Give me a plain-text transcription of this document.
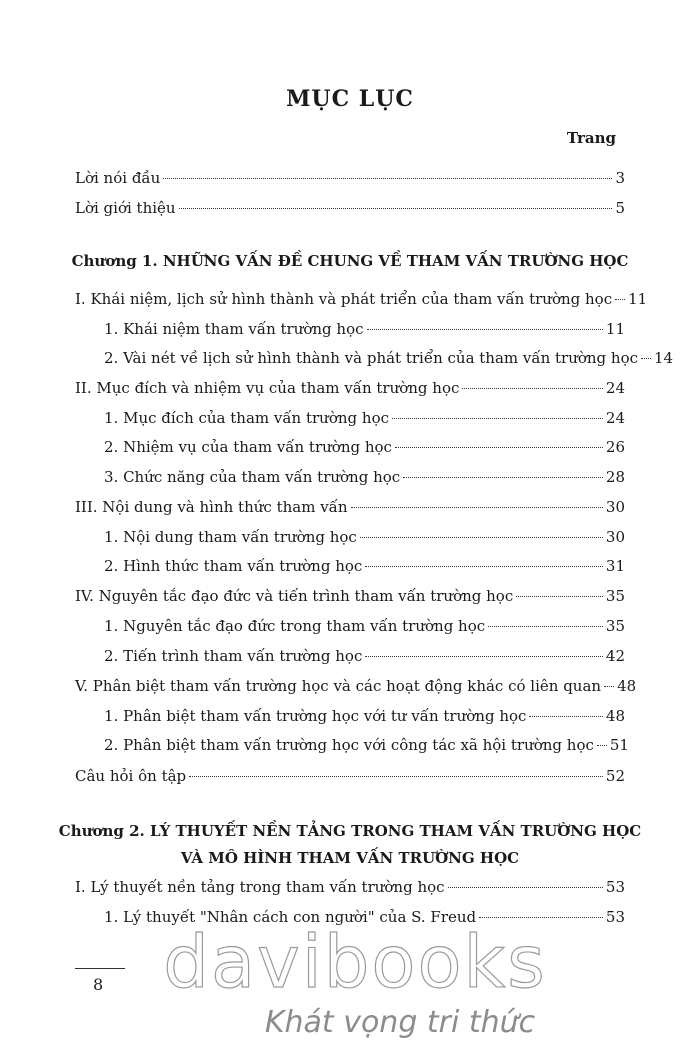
MỤC LỤC
Trang
Lời nói đầu	3
Lời giới thiệu	5
Chương 1. NHỮNG VẤN ĐỀ CHUNG VỀ THAM VẤN TRƯỜNG HỌC
I. Khái niệm, lịch sử hình thành và phát triển của tham vấn trường học 11
1. Khái niệm tham vấn trường học	11
2. Vài nét về lịch sử hình thành và phát triển của tham vấn trường học 14
II. Mục đích và nhiệm vụ của tham vấn trường học	24
1. Mục đích của tham vấn trường học	24
2. Nhiệm vụ của tham vấn trường học	26
3. Chức năng của tham vấn trường học	28
III. Nội dung và hình thức tham vấn	30
1. Nội dung tham vấn trường học	30
2. Hình thức tham vấn trường học	31
IV. Nguyên tắc đạo đức và tiến trình tham vấn trường học	35
1. Nguyên tắc đạo đức trong tham vấn trường học	35
2. Tiến trình tham vấn trường học	42
V. Phân biệt tham vấn trường học và các hoạt động khác có liên quan 48
1. Phân biệt tham vấn trường học với tư vấn trường học	48
2. Phân biệt tham vấn trường học với công tác xã hội trường học 51
Câu hỏi ôn tập	52
Chương 2. LÝ THUYẾT NỀN TẢNG TRONG THAM VẤN TRƯỜNG HỌC
VÀ MÔ HÌNH THAM VẤN TRƯỜNG HỌC
I. Lý thuyết nền tảng trong tham vấn trường học	53
1. Lý thuyết "Nhân cách con người" của S. Freud	53
8 davibooks
Khát vọng tri thức
